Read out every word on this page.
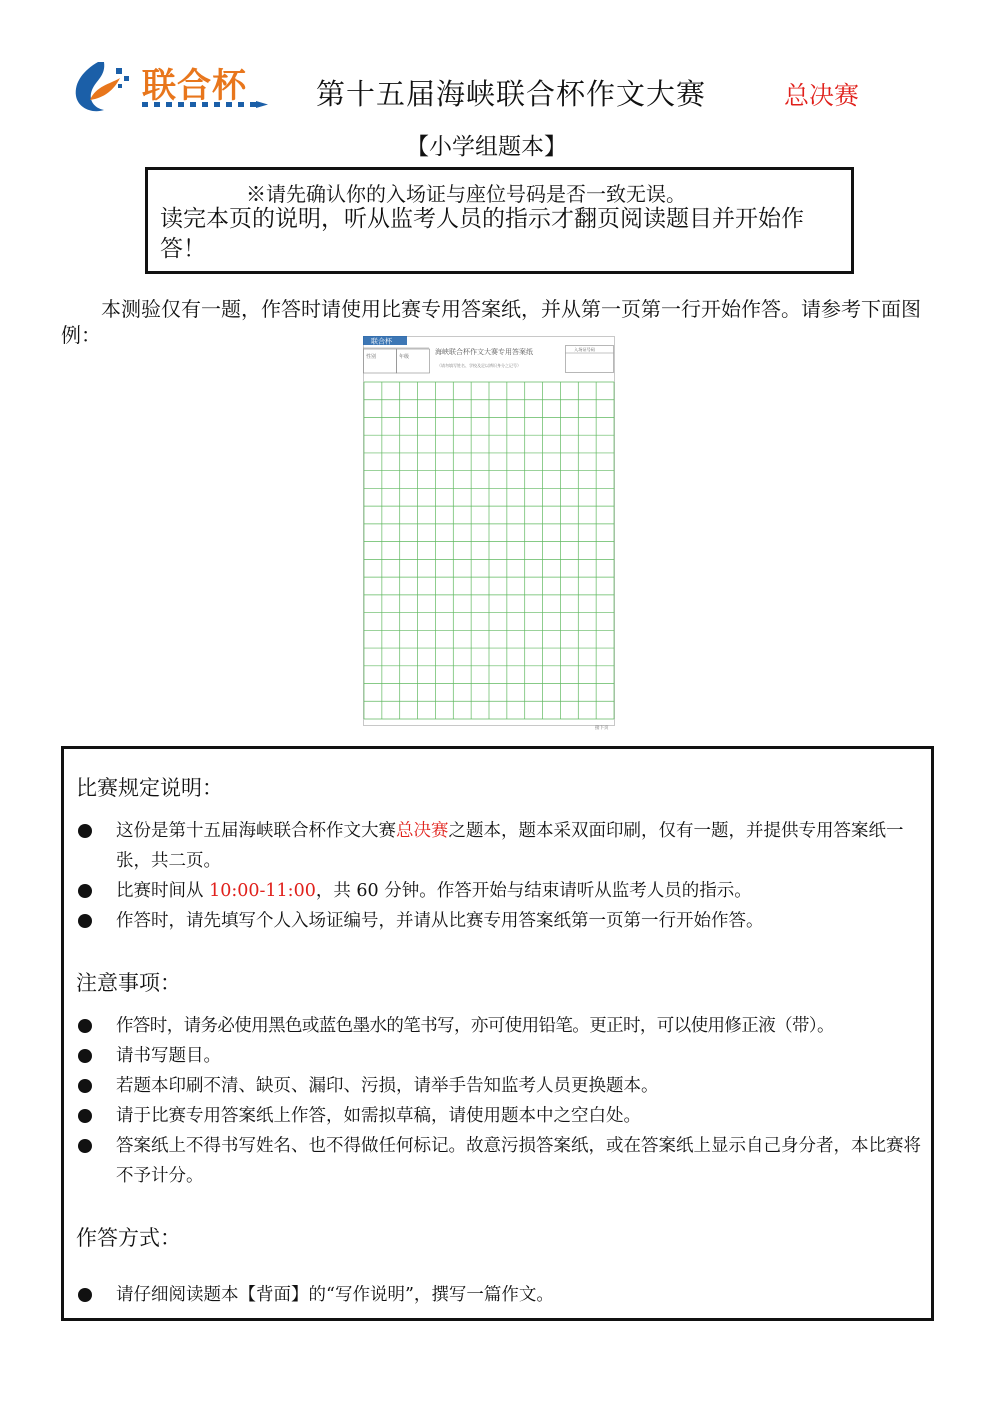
联合杯 第十五届海峡联合杯作文大赛	总决赛
【小学组题本】
※请先确认你的入场证与座位号码是否一致无误。
读完本页的说明，听从监考人员的指示才翻页阅读题目并开始作答！
本测验仅有一题，作答时请使用比赛专用答案纸，并从第一页第一行开始作答。请参考下面图例：	联合杯
性别	年级
海峡联合杯作文大赛专用答案纸
（请勿填写姓名、学校及足以辨识身分之记号）
入场证号码
接下页
比赛规定说明：
这份是第十五届海峡联合杯作文大赛总决赛之题本，题本采双面印刷，仅有一题，并提供专用答案纸一张，共二页。
比赛时间从 10:00-11:00，共 60 分钟。作答开始与结束请听从监考人员的指示。
作答时，请先填写个人入场证编号，并请从比赛专用答案纸第一页第一行开始作答。
注意事项：
作答时，请务必使用黑色或蓝色墨水的笔书写，亦可使用铅笔。更正时，可以使用修正液（带）。
请书写题目。
若题本印刷不清、缺页、漏印、污损，请举手告知监考人员更换题本。
请于比赛专用答案纸上作答，如需拟草稿，请使用题本中之空白处。
答案纸上不得书写姓名、也不得做任何标记。故意污损答案纸，或在答案纸上显示自己身分者，本比赛将不予计分。
作答方式：
请仔细阅读题本【背面】的“写作说明”，撰写一篇作文。
